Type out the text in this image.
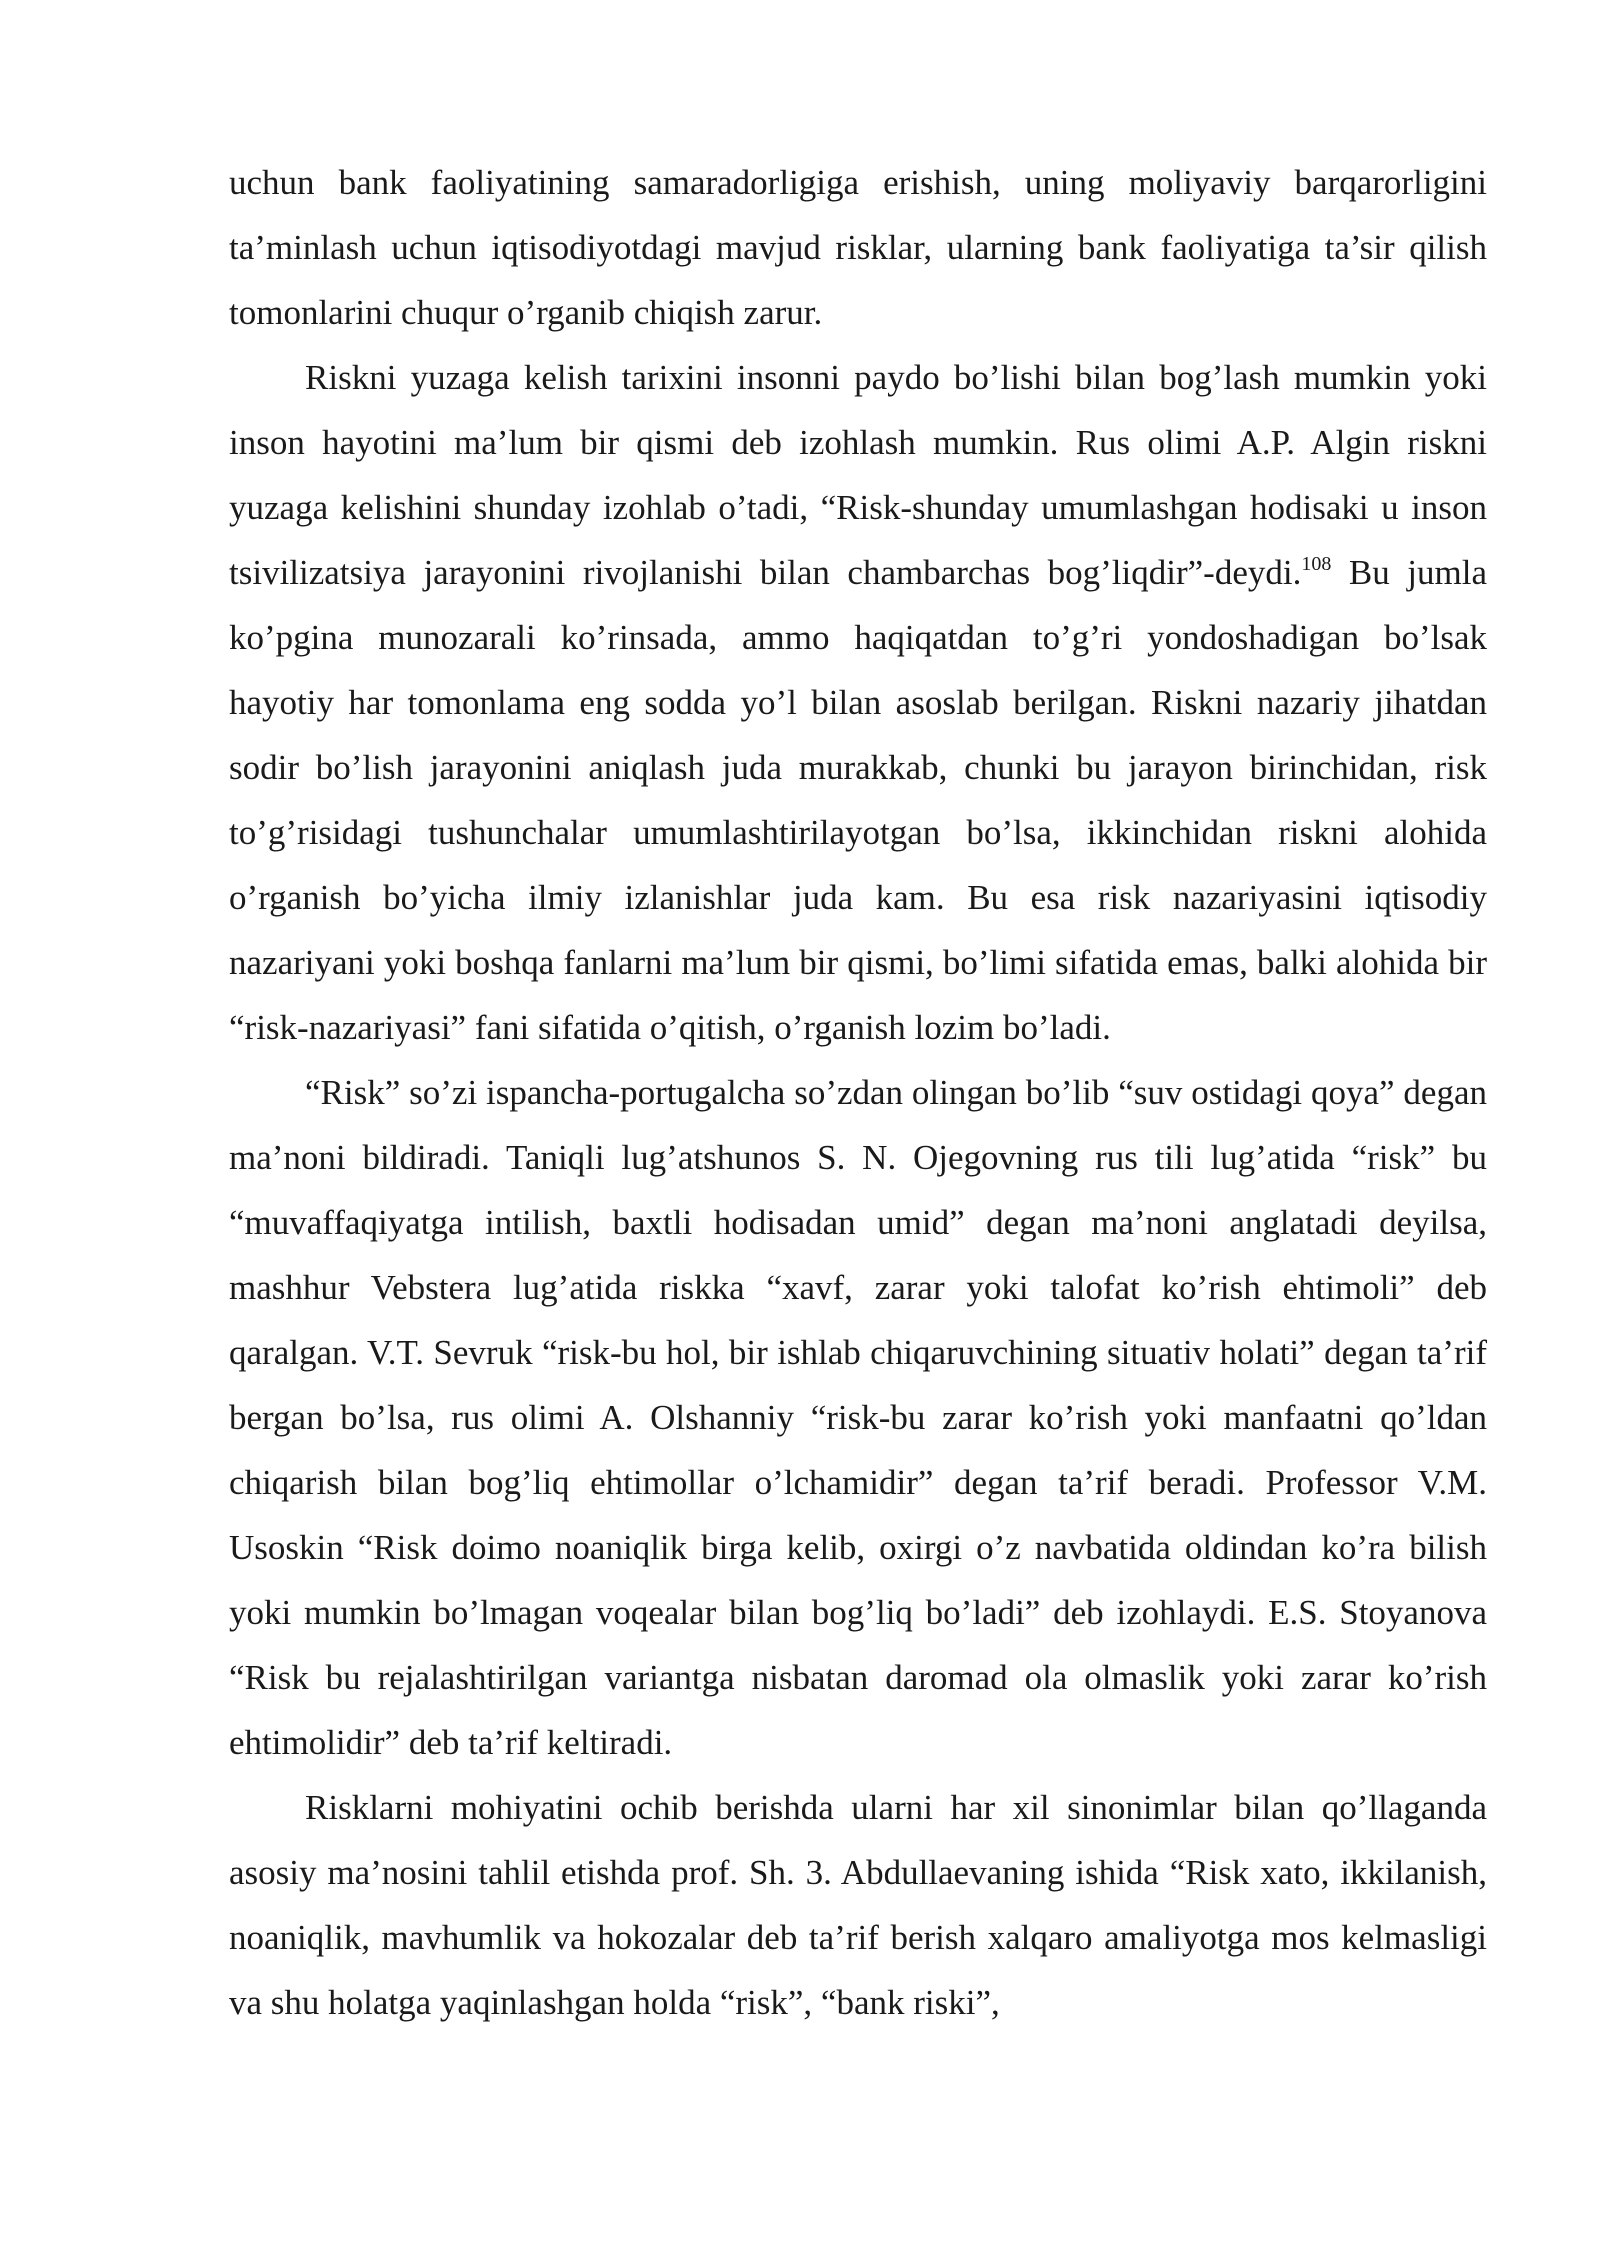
uchun bank faoliyatining samaradorligiga erishish, uning moliyaviy barqarorligini ta’minlash uchun iqtisodiyotdagi mavjud risklar, ularning bank faoliyatiga ta’sir qilish tomonlarini chuqur o’rganib chiqish zarur.

Riskni yuzaga kelish tarixini insonni paydo bo’lishi bilan bog’lash mumkin yoki inson hayotini ma’lum bir qismi deb izohlash mumkin. Rus olimi A.P. Algin riskni yuzaga kelishini shunday izohlab o’tadi, “Risk-shunday umumlashgan hodisaki u inson tsivilizatsiya jarayonini rivojlanishi bilan chambarchas bog’liqdir”-deydi.$^{108}$ Bu jumla ko’pgina munozarali ko’rinsada, ammo haqiqatdan to’g’ri yondoshadigan bo’lsak hayotiy har tomonlama eng sodda yo’l bilan asoslab berilgan. Riskni nazariy jihatdan sodir bo’lish jarayonini aniqlash juda murakkab, chunki bu jarayon birinchidan, risk to’g’risidagi tushunchalar umumlashtirilayotgan bo’lsa, ikkinchidan riskni alohida o’rganish bo’yicha ilmiy izlanishlar juda kam. Bu esa risk nazariyasini iqtisodiy nazariyani yoki boshqa fanlarni ma’lum bir qismi, bo’limi sifatida emas, balki alohida bir “risk-nazariyasi” fani sifatida o’qitish, o’rganish lozim bo’ladi.

“Risk” so’zi ispancha-portugalcha so’zdan olingan bo’lib “suv ostidagi qoya” degan ma’noni bildiradi. Taniqli lug’atshunos S. N. Ojegovning rus tili lug’atida “risk” bu “muvaffaqiyatga intilish, baxtli hodisadan umid” degan ma’noni anglatadi deyilsa, mashhur Vebstera lug’atida riskka “xavf, zarar yoki talofat ko’rish ehtimoli” deb qaralgan. V.T. Sevruk “risk-bu hol, bir ishlab chiqaruvchining situativ holati” degan ta’rif bergan bo’lsa, rus olimi A. Olshanniy “risk-bu zarar ko’rish yoki manfaatni qo’ldan chiqarish bilan bog’liq ehtimollar o’lchamidir” degan ta’rif beradi. Professor V.M. Usoskin “Risk doimo noaniqlik birga kelib, oxirgi o’z navbatida oldindan ko’ra bilish yoki mumkin bo’lmagan voqealar bilan bog’liq bo’ladi” deb izohlaydi. E.S. Stoyanova “Risk bu rejalashtirilgan variantga nisbatan daromad ola olmaslik yoki zarar ko’rish ehtimolidir” deb ta’rif keltiradi.

Risklarni mohiyatini ochib berishda ularni har xil sinonimlar bilan qo’llaganda asosiy ma’nosini tahlil etishda prof. Sh. 3. Abdullaevaning ishida “Risk xato, ikkilanish, noaniqlik, mavhumlik va hokozalar deb ta’rif berish xalqaro amaliyotga mos kelmasligi va shu holatga yaqinlashgan holda “risk”, “bank riski”,
